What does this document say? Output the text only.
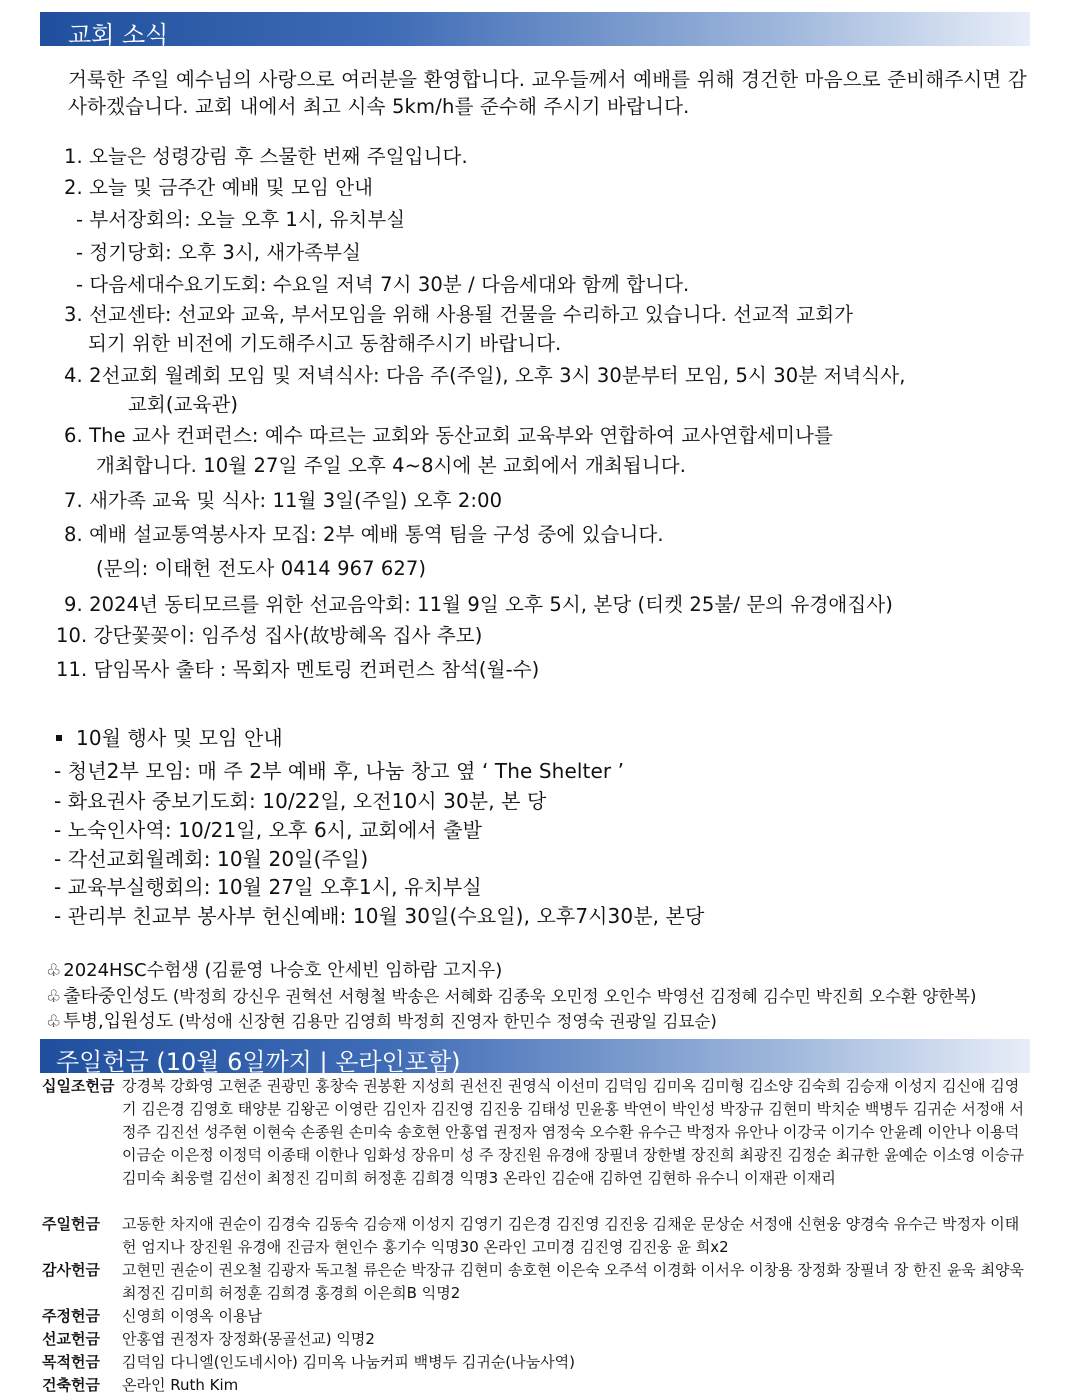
교회 소식
거룩한 주일 예수님의 사랑으로 여러분을 환영합니다. 교우들께서 예배를 위해 경건한 마음으로 준비해주시면 감사하겠습니다. 교회 내에서 최고 시속 5km/h를 준수해 주시기 바랍니다.
1. 오늘은 성령강림 후 스물한 번째 주일입니다.
2. 오늘 및 금주간 예배 및 모임 안내
- 부서장회의: 오늘 오후 1시, 유치부실
- 정기당회: 오후 3시, 새가족부실
- 다음세대수요기도회: 수요일 저녁 7시 30분 / 다음세대와 함께 합니다.
3. 선교센타: 선교와 교육, 부서모임을 위해 사용될 건물을 수리하고 있습니다. 선교적 교회가
되기 위한 비전에 기도해주시고 동참해주시기 바랍니다.
4. 2선교회 월례회 모임 및 저녁식사: 다음 주(주일), 오후 3시 30분부터 모임, 5시 30분 저녁식사,
교회(교육관)
6. The 교사 컨퍼런스: 예수 따르는 교회와 동산교회 교육부와 연합하여 교사연합세미나를
개최합니다. 10월 27일 주일 오후 4~8시에 본 교회에서 개최됩니다.
7. 새가족 교육 및 식사: 11월 3일(주일) 오후 2:00
8. 예배 설교통역봉사자 모집: 2부 예배 통역 팀을 구성 중에 있습니다.
(문의: 이태헌 전도사 0414 967 627)
9. 2024년 동티모르를 위한 선교음악회: 11월 9일 오후 5시, 본당 (티켓 25불/ 문의 유경애집사)
10. 강단꽃꽂이: 임주성 집사(故방혜옥 집사 추모)
11. 담임목사 출타 : 목회자 멘토링 컨퍼런스 참석(월-수)
10월 행사 및 모임 안내
- 청년2부 모임: 매 주 2부 예배 후, 나눔 창고 옆 ‘ The Shelter ’
- 화요권사 중보기도회: 10/22일, 오전10시 30분, 본 당
- 노숙인사역: 10/21일, 오후 6시, 교회에서 출발
- 각선교회월례회: 10월 20일(주일)
- 교육부실행회의: 10월 27일 오후1시, 유치부실
- 관리부 친교부 봉사부 헌신예배: 10월 30일(수요일), 오후7시30분, 본당
♧ 2024HSC수험생 (김륜영 나승호 안세빈 임하람 고지우)
♧ 출타중인성도 (박정희 강신우 권혁선 서형철 박송은 서혜화 김종욱 오민정 오인수 박영선 김정혜 김수민 박진희 오수환 양한복)
♧ 투병,입원성도 (박성애 신장현 김용만 김영희 박정희 진영자 한민수 정영숙 권광일 김묘순)
주일헌금 (10월 6일까지 | 온라인포함)
십일조헌금 강경복 강화영 고현준 권광민 홍창숙 권봉환 지성희 권선진 권영식 이선미 김덕임 김미옥 김미형 김소양 김숙희 김승재 이성지 김신애 김영기 김은경 김영호 태양분 김왕곤 이영란 김인자 김진영 김진웅 김태성 민윤홍 박연이 박인성 박장규 김현미 박치순 백병두 김귀순 서정애 서정주 김진선 성주현 이현숙 손종원 손미숙 송호현 안홍엽 권정자 염정숙 오수환 유수근 박정자 유안나 이강국 이기수 안윤례 이안나 이용덕 이금순 이은정 이정덕 이종태 이한나 임화성 장유미 성 주 장진원 유경애 장필녀 장한별 장진희 최광진 김정순 최규한 윤예순 이소영 이승규 김미숙 최웅렬 김선이 최정진 김미희 허정훈 김희경 익명3 온라인 김순애 김하연 김현하 유수니 이재관 이재리
주일헌금	고동한 차지애 권순이 김경숙 김동숙 김승재 이성지 김영기 김은경 김진영 김진웅 김채운 문상순 서정애 신현웅 양경숙 유수근 박정자 이태헌 엄지나 장진원 유경애 진금자 현인수 홍기수 익명30 온라인 고미경 김진영 김진웅 윤 희x2
감사헌금	고현민 권순이 권오철 김광자 독고철 류은순 박장규 김현미 송호현 이은숙 오주석 이경화 이서우 이창용 장정화 장필녀 장 한진 윤욱 최양욱 최정진 김미희 허정훈 김희경 홍경희 이은희B 익명2
주정헌금	신영희 이영옥 이용남
선교헌금	안홍엽 권정자 장정화(몽골선교) 익명2
목적헌금	김덕임 다니엘(인도네시아) 김미옥 나눔커피 백병두 김귀순(나눔사역)
건축헌금	온라인 Ruth Kim
